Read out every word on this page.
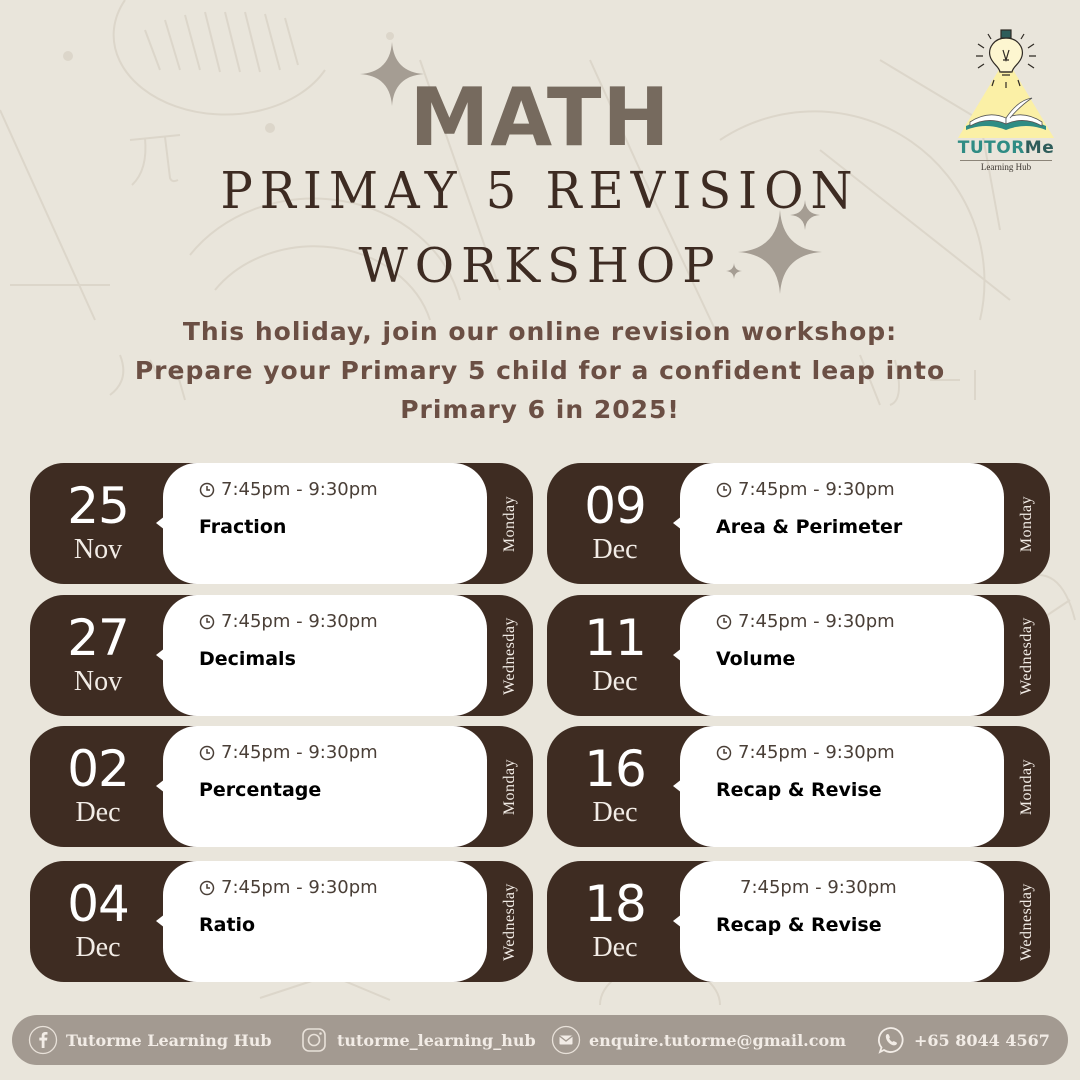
TUTORMe
Learning Hub
MATH
PRIMAY 5 REVISION
WORKSHOP
This holiday, join our online revision workshop:
Prepare your Primary 5 child for a confident leap into
Primary 6 in 2025!
25
Nov
7:45pm - 9:30pm
Fraction	Monday
27
Nov
7:45pm - 9:30pm
Decimals	Wednesday
02
Dec
7:45pm - 9:30pm
Percentage	Monday
04
Dec
7:45pm - 9:30pm
Ratio	Wednesday
09
Dec
7:45pm - 9:30pm
Area & Perimeter	Monday
11
Dec
7:45pm - 9:30pm
Volume	Wednesday
16
Dec
7:45pm - 9:30pm
Recap & Revise	Monday
18
Dec
7:45pm - 9:30pm
Recap & Revise	Wednesday
Tutorme Learning Hub	tutorme_learning_hub	enquire.tutorme@gmail.com	+65 8044 4567
